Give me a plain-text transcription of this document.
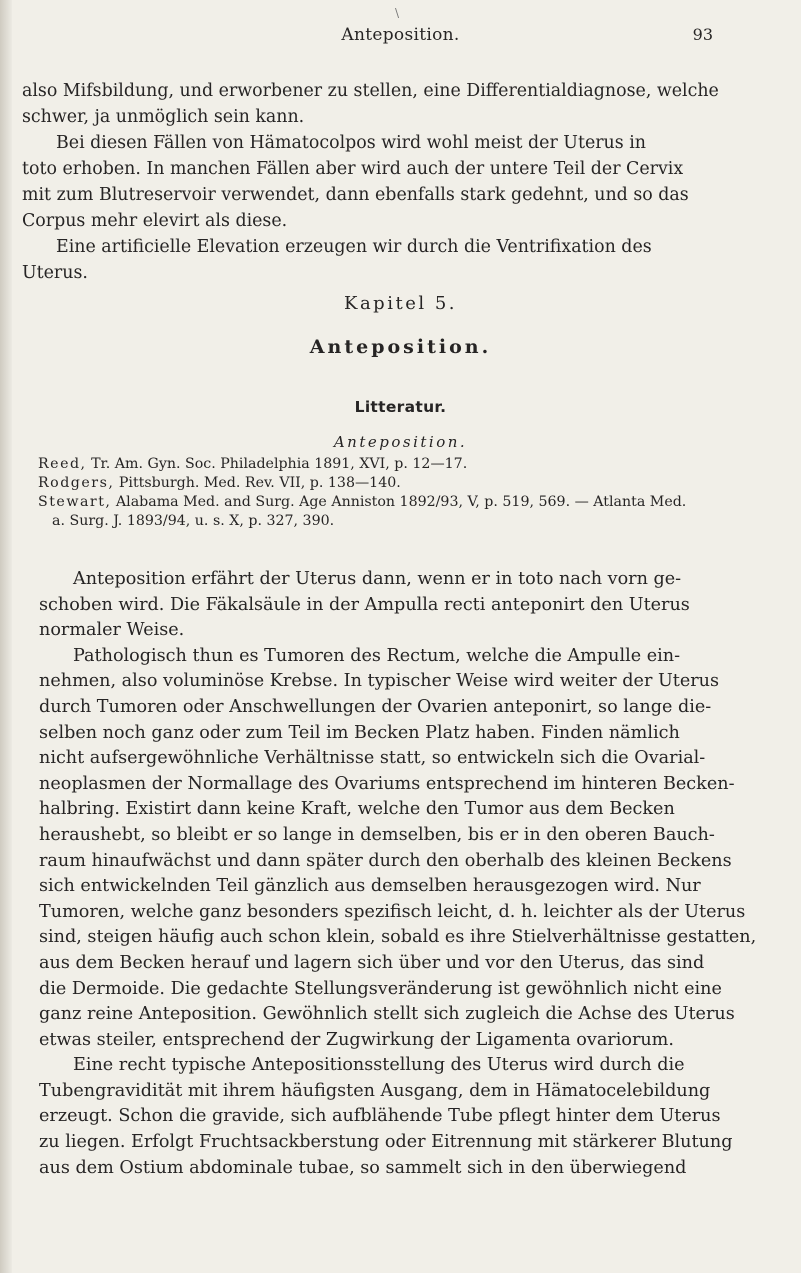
\
Anteposition.	93
also Mifsbildung, und erworbener zu stellen, eine Differentialdiagnose, welche
schwer, ja unmöglich sein kann.
Bei diesen Fällen von Hämatocolpos wird wohl meist der Uterus in
toto erhoben. In manchen Fällen aber wird auch der untere Teil der Cervix
mit zum Blutreservoir verwendet, dann ebenfalls stark gedehnt, und so das
Corpus mehr elevirt als diese.
Eine artificielle Elevation erzeugen wir durch die Ventrifixation des
Uterus.
Kapitel 5.
Anteposition.
Litteratur.
Anteposition.
Reed, Tr. Am. Gyn. Soc. Philadelphia 1891, XVI, p. 12—17.
Rodgers, Pittsburgh. Med. Rev. VII, p. 138—140.
Stewart, Alabama Med. and Surg. Age Anniston 1892/93, V, p. 519, 569. — Atlanta Med.
a. Surg. J. 1893/94, u. s. X, p. 327, 390.
Anteposition erfährt der Uterus dann, wenn er in toto nach vorn ge-
schoben wird. Die Fäkalsäule in der Ampulla recti anteponirt den Uterus
normaler Weise.
Pathologisch thun es Tumoren des Rectum, welche die Ampulle ein-
nehmen, also voluminöse Krebse. In typischer Weise wird weiter der Uterus
durch Tumoren oder Anschwellungen der Ovarien anteponirt, so lange die-
selben noch ganz oder zum Teil im Becken Platz haben. Finden nämlich
nicht aufsergewöhnliche Verhältnisse statt, so entwickeln sich die Ovarial-
neoplasmen der Normallage des Ovariums entsprechend im hinteren Becken-
halbring. Existirt dann keine Kraft, welche den Tumor aus dem Becken
heraushebt, so bleibt er so lange in demselben, bis er in den oberen Bauch-
raum hinaufwächst und dann später durch den oberhalb des kleinen Beckens
sich entwickelnden Teil gänzlich aus demselben herausgezogen wird. Nur
Tumoren, welche ganz besonders spezifisch leicht, d. h. leichter als der Uterus
sind, steigen häufig auch schon klein, sobald es ihre Stielverhältnisse gestatten,
aus dem Becken herauf und lagern sich über und vor den Uterus, das sind
die Dermoide. Die gedachte Stellungsveränderung ist gewöhnlich nicht eine
ganz reine Anteposition. Gewöhnlich stellt sich zugleich die Achse des Uterus
etwas steiler, entsprechend der Zugwirkung der Ligamenta ovariorum.
Eine recht typische Antepositionsstellung des Uterus wird durch die
Tubengravidität mit ihrem häufigsten Ausgang, dem in Hämatocelebildung
erzeugt. Schon die gravide, sich aufblähende Tube pflegt hinter dem Uterus
zu liegen. Erfolgt Fruchtsackberstung oder Eitrennung mit stärkerer Blutung
aus dem Ostium abdominale tubae, so sammelt sich in den überwiegend
